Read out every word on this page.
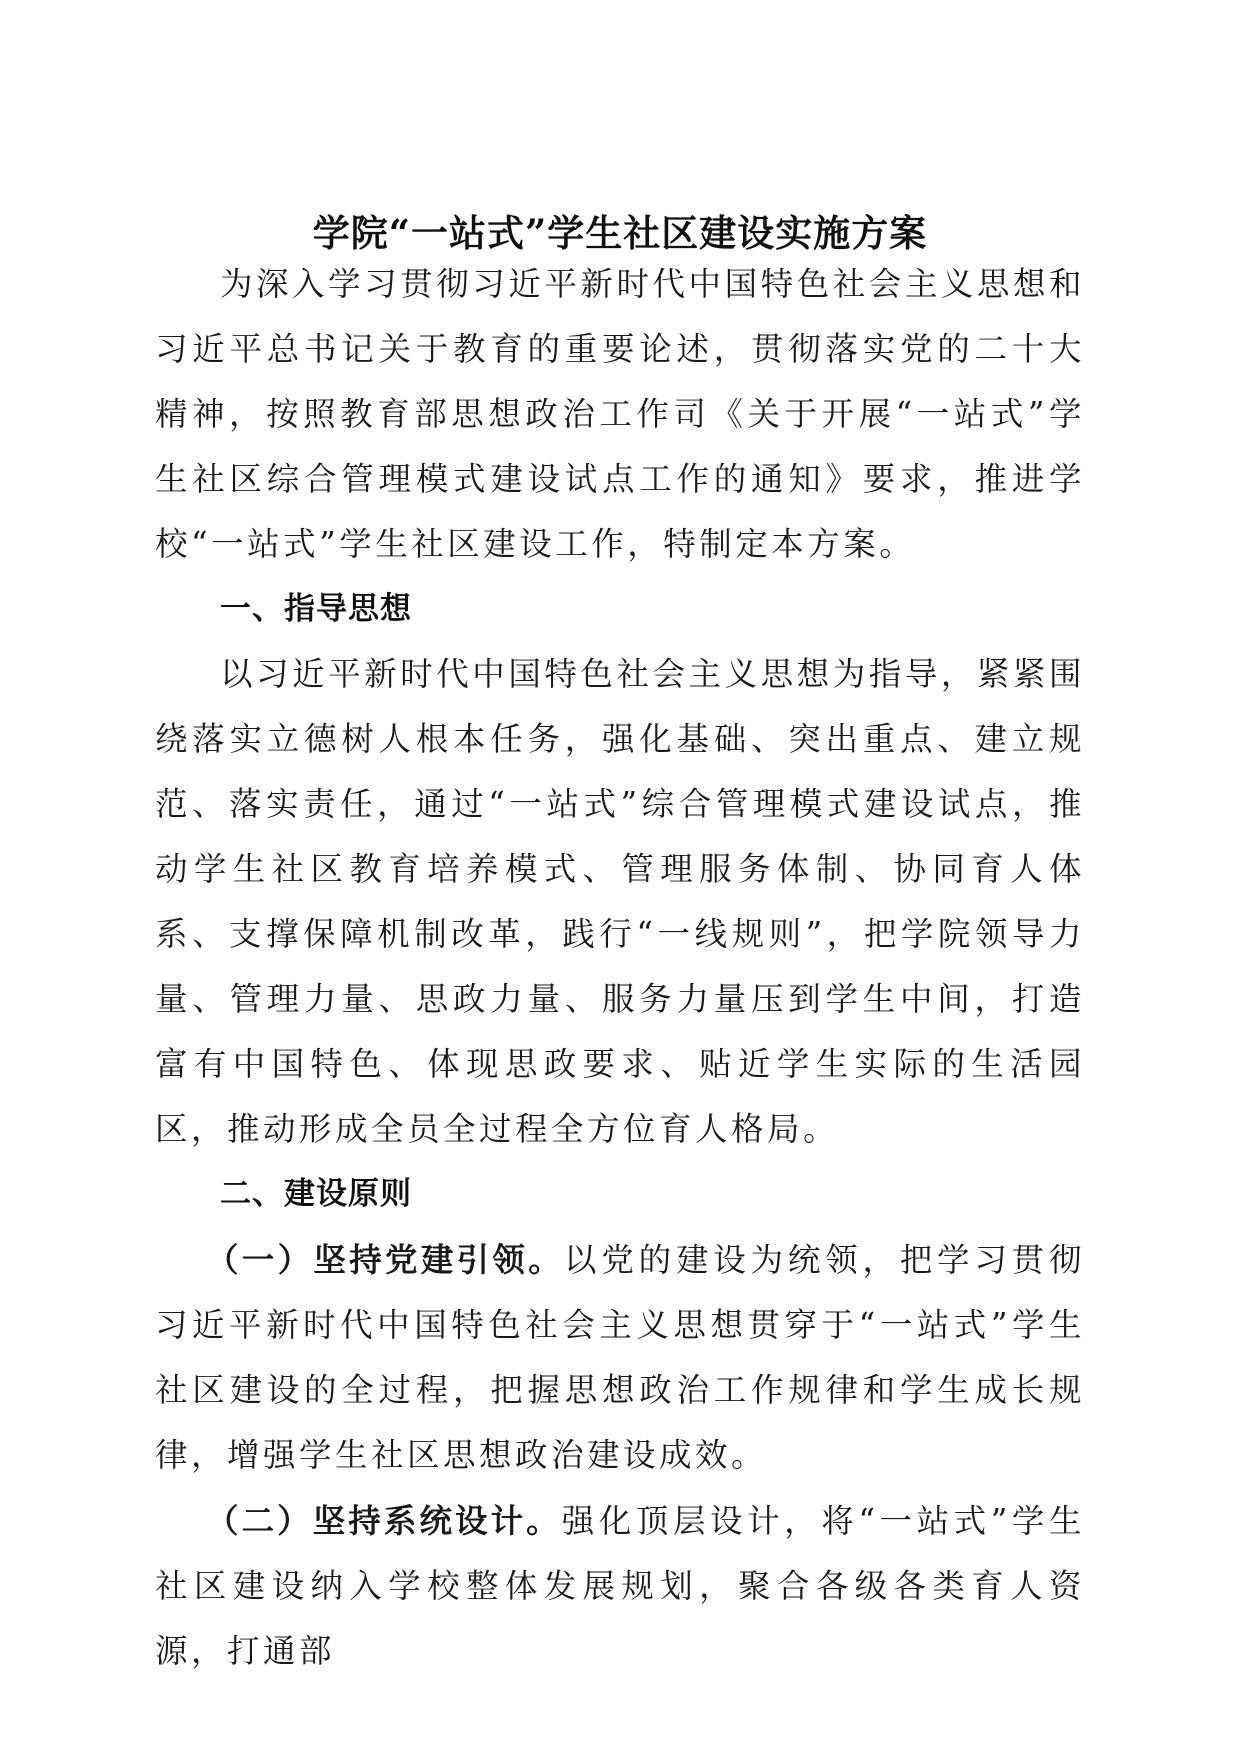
学院“一站式”学生社区建设实施方案

为深入学习贯彻习近平新时代中国特色社会主义思想和习近平总书记关于教育的重要论述，贯彻落实党的二十大精神，按照教育部思想政治工作司《关于开展“一站式”学生社区综合管理模式建设试点工作的通知》要求，推进学校“一站式”学生社区建设工作，特制定本方案。

一、指导思想

以习近平新时代中国特色社会主义思想为指导，紧紧围绕落实立德树人根本任务，强化基础、突出重点、建立规范、落实责任，通过“一站式”综合管理模式建设试点，推动学生社区教育培养模式、管理服务体制、协同育人体系、支撑保障机制改革，践行“一线规则”，把学院领导力量、管理力量、思政力量、服务力量压到学生中间，打造富有中国特色、体现思政要求、贴近学生实际的生活园区，推动形成全员全过程全方位育人格局。

二、建设原则

（一）坚持党建引领。以党的建设为统领，把学习贯彻习近平新时代中国特色社会主义思想贯穿于“一站式”学生社区建设的全过程，把握思想政治工作规律和学生成长规律，增强学生社区思想政治建设成效。

（二）坚持系统设计。强化顶层设计，将“一站式”学生社区建设纳入学校整体发展规划，聚合各级各类育人资源，打通部
